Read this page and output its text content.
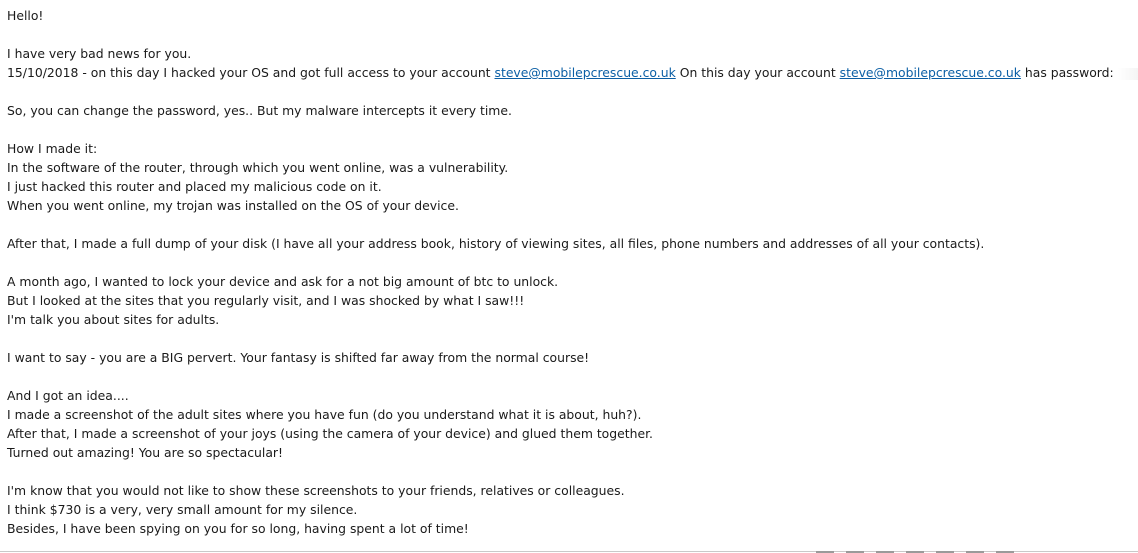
Hello!
I have very bad news for you.
15/10/2018 - on this day I hacked your OS and got full access to your account steve@mobilepcrescue.co.uk On this day your account steve@mobilepcrescue.co.uk has password:
So, you can change the password, yes.. But my malware intercepts it every time.
How I made it:
In the software of the router, through which you went online, was a vulnerability.
I just hacked this router and placed my malicious code on it.
When you went online, my trojan was installed on the OS of your device.
After that, I made a full dump of your disk (I have all your address book, history of viewing sites, all files, phone numbers and addresses of all your contacts).
A month ago, I wanted to lock your device and ask for a not big amount of btc to unlock.
But I looked at the sites that you regularly visit, and I was shocked by what I saw!!!
I'm talk you about sites for adults.
I want to say - you are a BIG pervert. Your fantasy is shifted far away from the normal course!
And I got an idea....
I made a screenshot of the adult sites where you have fun (do you understand what it is about, huh?).
After that, I made a screenshot of your joys (using the camera of your device) and glued them together.
Turned out amazing! You are so spectacular!
I'm know that you would not like to show these screenshots to your friends, relatives or colleagues.
I think $730 is a very, very small amount for my silence.
Besides, I have been spying on you for so long, having spent a lot of time!
